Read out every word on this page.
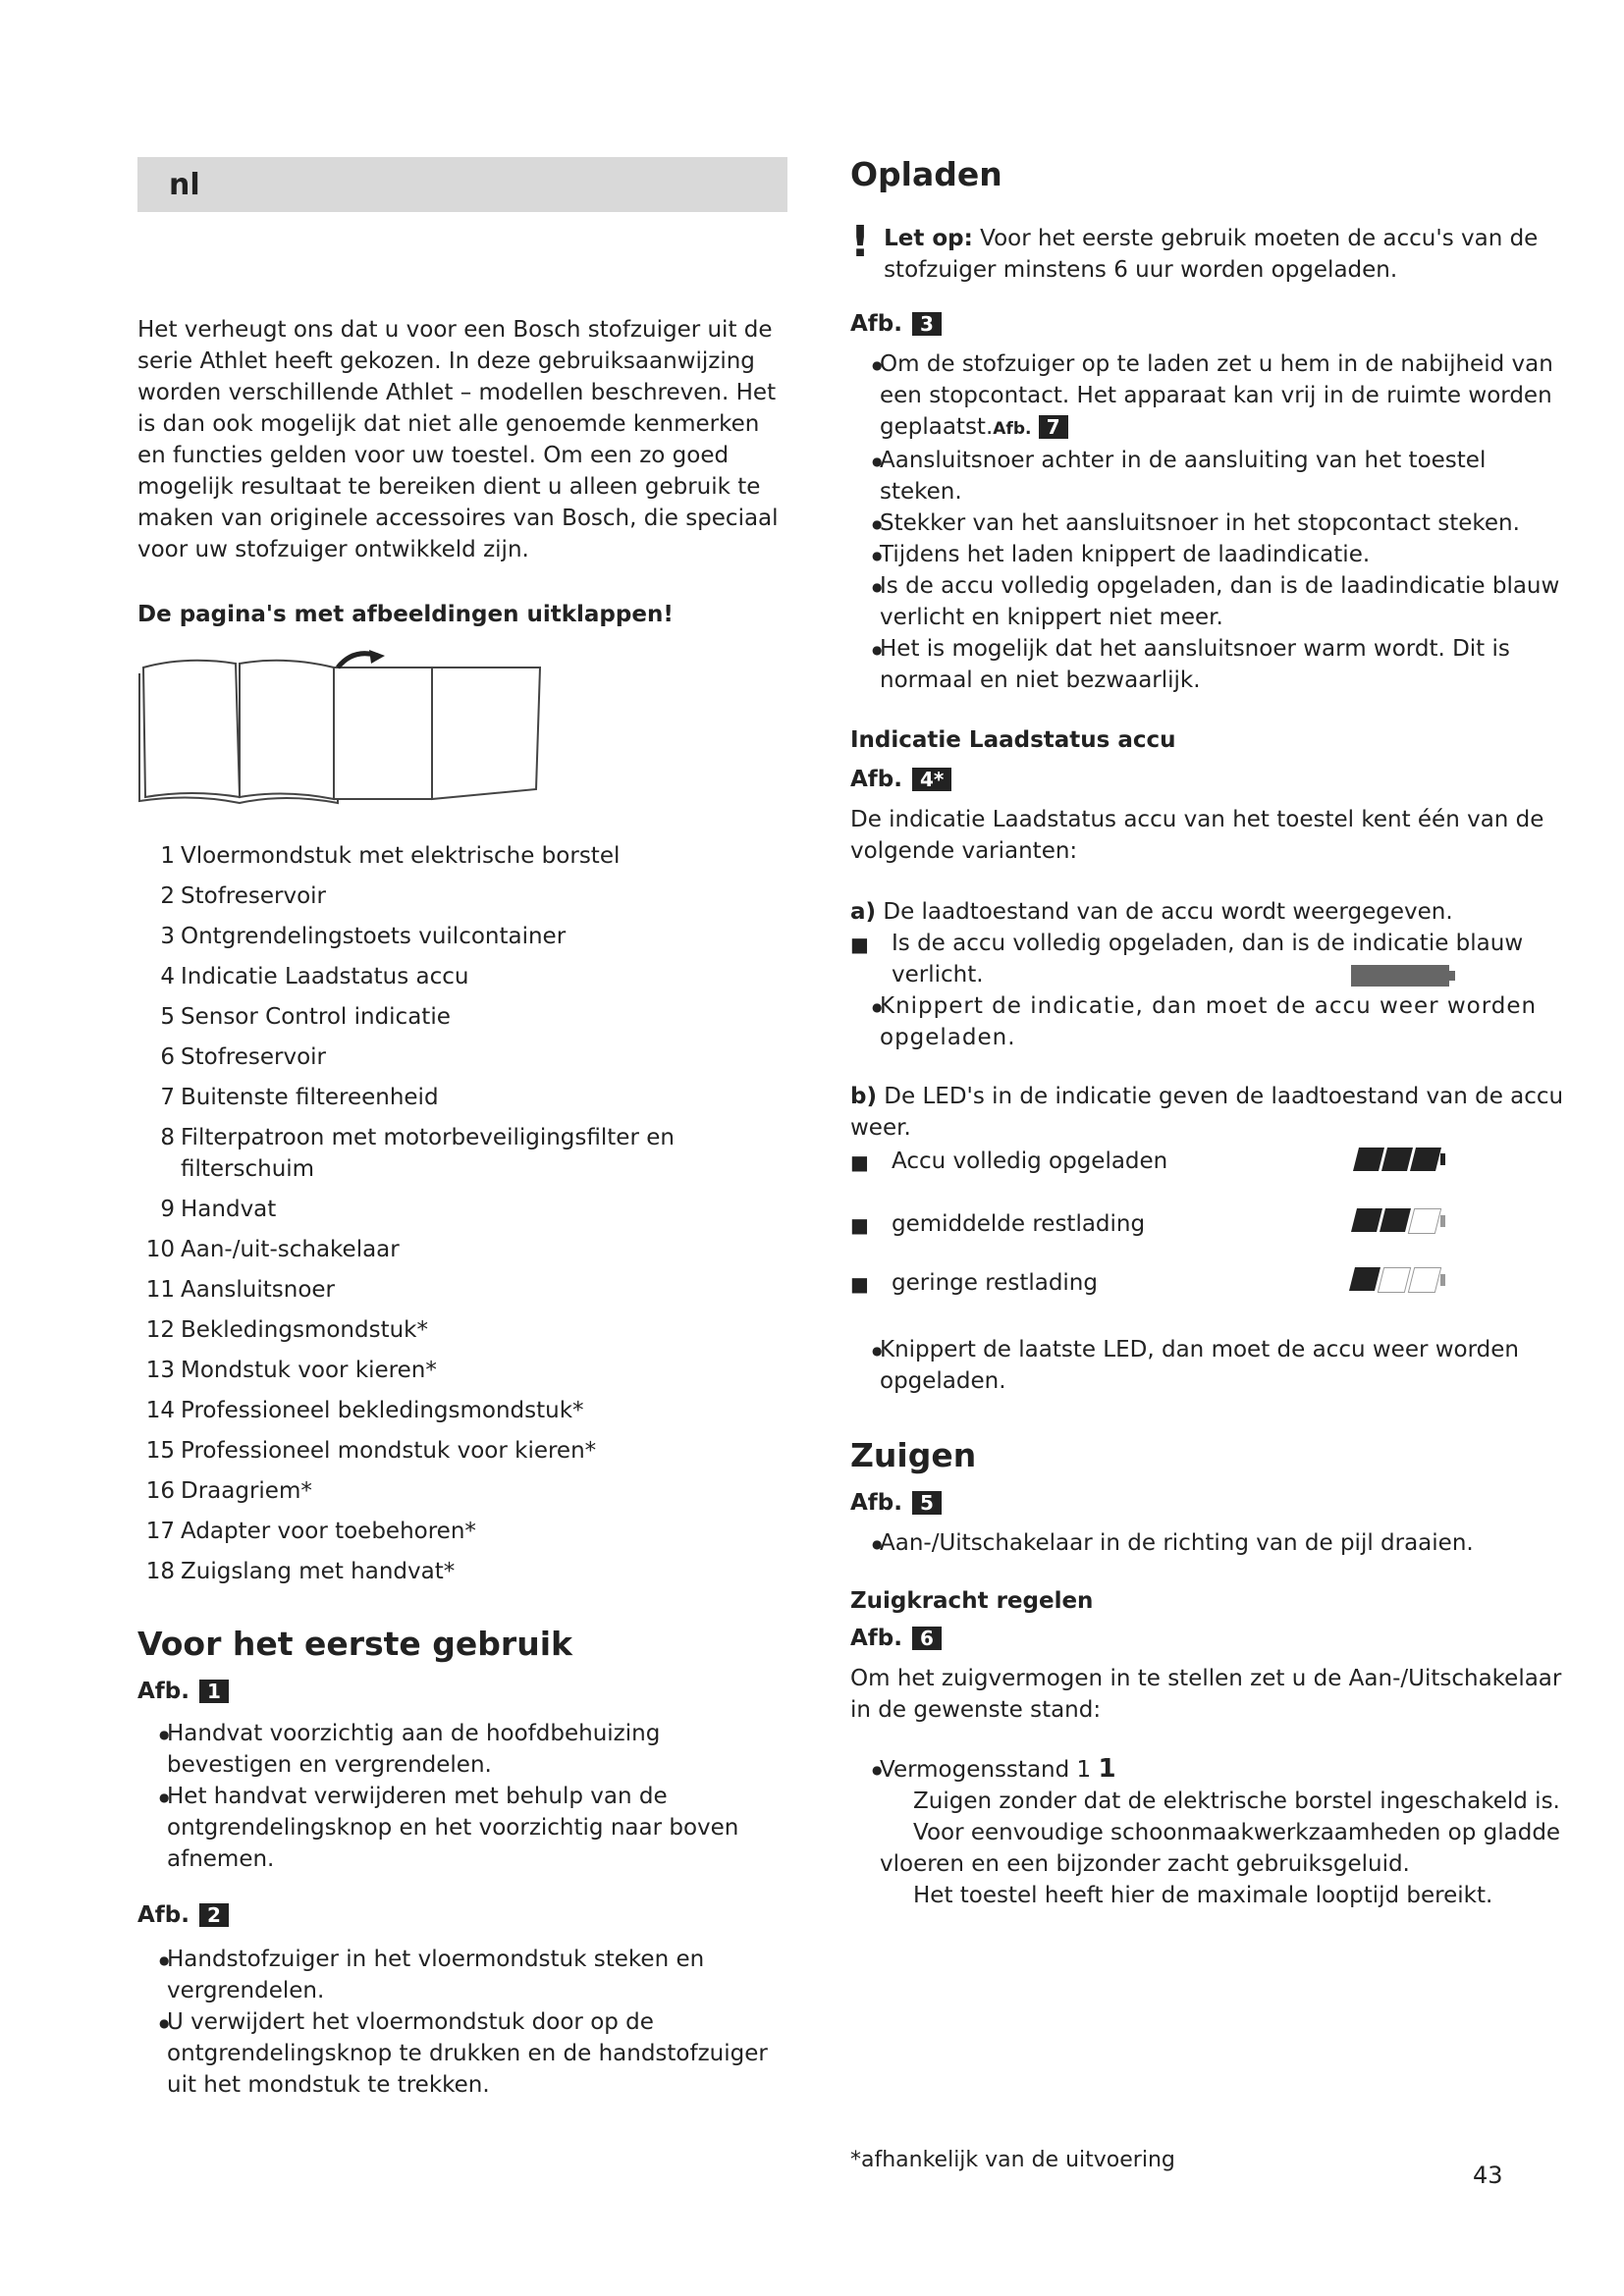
nl

Het verheugt ons dat u voor een Bosch stofzuiger uit de serie Athlet heeft gekozen. In deze gebruiksaanwijzing worden verschillende Athlet – modellen beschreven. Het is dan ook mogelijk dat niet alle genoemde kenmerken en functies gelden voor uw toestel. Om een zo goed mogelijk resultaat te bereiken dient u alleen gebruik te maken van originele accessoires van Bosch, die speciaal voor uw stofzuiger ontwikkeld zijn.

De pagina's met afbeeldingen uitklappen!

1 Vloermondstuk met elektrische borstel
2 Stofreservoir
3 Ontgrendelingstoets vuilcontainer
4 Indicatie Laadstatus accu
5 Sensor Control indicatie
6 Stofreservoir
7 Buitenste filtereenheid
8 Filterpatroon met motorbeveiligingsfilter en filterschuim
9 Handvat
10 Aan-/uit-schakelaar
11 Aansluitsnoer
12 Bekledingsmondstuk*
13 Mondstuk voor kieren*
14 Professioneel bekledingsmondstuk*
15 Professioneel mondstuk voor kieren*
16 Draagriem*
17 Adapter voor toebehoren*
18 Zuigslang met handvat*
Voor het eerste gebruik
Afb. 1
● Handvat voorzichtig aan de hoofdbehuizing bevestigen en vergrendelen.
● Het handvat verwijderen met behulp van de ontgrendelingsknop en het voorzichtig naar boven afnemen.
Afb. 2
● Handstofzuiger in het vloermondstuk steken en vergrendelen.
● U verwijdert het vloermondstuk door op de ontgrendelingsknop te drukken en de handstofzuiger uit het mondstuk te trekken.
Opladen
! Let op: Voor het eerste gebruik moeten de accu's van de stofzuiger minstens 6 uur worden opgeladen.

Afb. 3
● Om de stofzuiger op te laden zet u hem in de nabijheid van een stopcontact. Het apparaat kan vrij in de ruimte worden geplaatst.Afb. 7
● Aansluitsnoer achter in de aansluiting van het toestel steken.
● Stekker van het aansluitsnoer in het stopcontact steken.
● Tijdens het laden knippert de laadindicatie.
● Is de accu volledig opgeladen, dan is de laadindicatie blauw verlicht en knippert niet meer.
● Het is mogelijk dat het aansluitsnoer warm wordt. Dit is normaal en niet bezwaarlijk.
Indicatie Laadstatus accu
Afb. 4*

De indicatie Laadstatus accu van het toestel kent één van de volgende varianten:

a) De laadtoestand van de accu wordt weergegeven.

■ Is de accu volledig opgeladen, dan is de indicatie blauw verlicht.
● Knippert de indicatie, dan moet de accu weer worden opgeladen.

b) De LED's in de indicatie geven de laadtoestand van de accu weer.

■ Accu volledig opgeladen
■ gemiddelde restlading
■ geringe restlading
● Knippert de laatste LED, dan moet de accu weer worden opgeladen.
Zuigen
Afb. 5
● Aan-/Uitschakelaar in de richting van de pijl draaien.
Zuigkracht regelen
Afb. 6

Om het zuigvermogen in te stellen zet u de Aan-/Uitschakelaar in de gewenste stand:

● Vermogensstand 1 1

Zuigen zonder dat de elektrische borstel ingeschakeld is.

Voor eenvoudige schoonmaakwerkzaamheden op gladde vloeren en een bijzonder zacht gebruiksgeluid.

Het toestel heeft hier de maximale looptijd bereikt.

*afhankelijk van de uitvoering
43
